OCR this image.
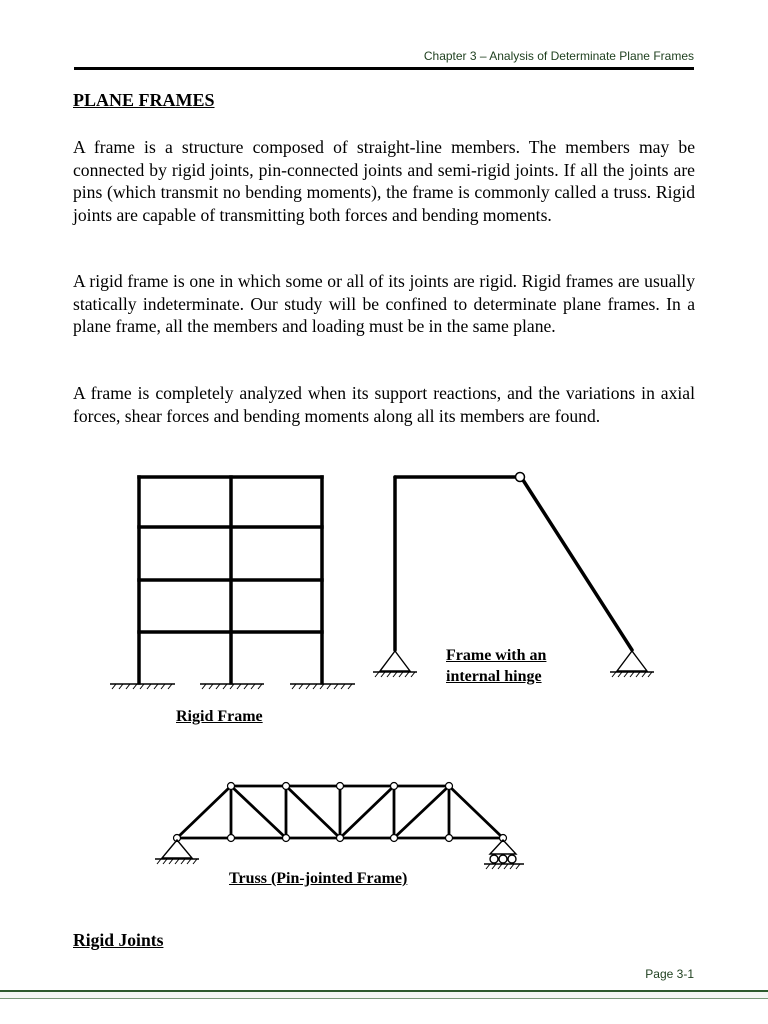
Chapter 3 – Analysis of Determinate Plane Frames

PLANE FRAMES

A frame is a structure composed of straight-line members. The members may be connected by rigid joints, pin-connected joints and semi-rigid joints. If all the joints are pins (which transmit no bending moments), the frame is commonly called a truss. Rigid joints are capable of transmitting both forces and bending moments.

A rigid frame is one in which some or all of its joints are rigid. Rigid frames are usually statically indeterminate. Our study will be confined to determinate plane frames. In a plane frame, all the members and loading must be in the same plane.

A frame is completely analyzed when its support reactions, and the variations in axial forces, shear forces and bending moments along all its members are found.

Rigid Frame

Frame with an internal hinge

Truss (Pin-jointed Frame)

Rigid Joints

Page 3-1
